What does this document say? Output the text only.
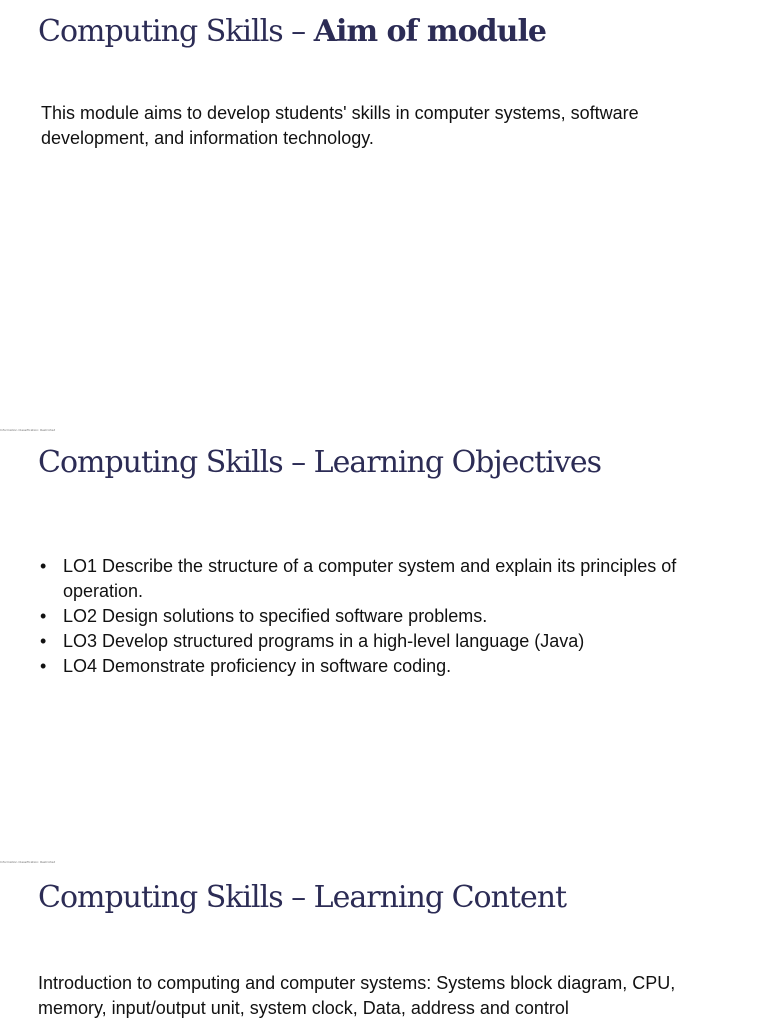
Computing Skills – Aim of module
This module aims to develop students' skills in computer systems, software development, and information technology.
Information Classification: Restricted
Computing Skills – Learning Objectives
• LO1 Describe the structure of a computer system and explain its principles of operation.
• LO2 Design solutions to specified software problems.
• LO3 Develop structured programs in a high-level language (Java)
• LO4 Demonstrate proficiency in software coding.
Information Classification: Restricted
Computing Skills – Learning Content
Introduction to computing and computer systems: Systems block diagram, CPU, memory, input/output unit, system clock, Data, address and control
